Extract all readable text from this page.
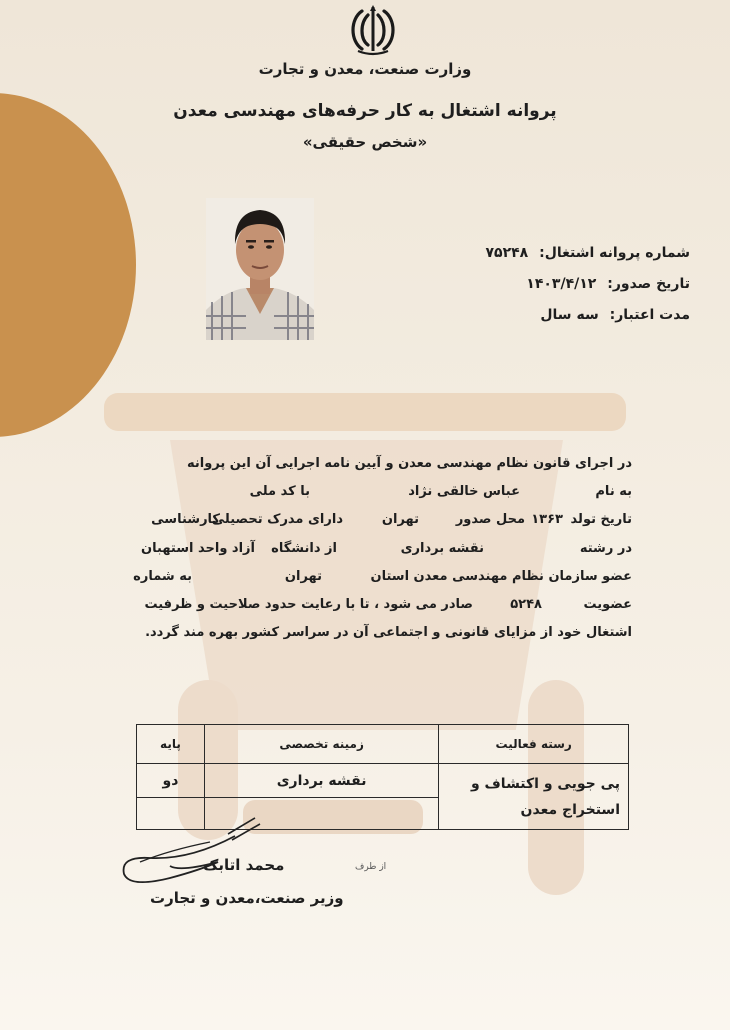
وزارت صنعت، معدن و تجارت
پروانه اشتغال به کار حرفه‌های مهندسی معدن
«شخص حقیقی»
شماره پروانه اشتغال: ۷۵۲۴۸
تاریخ صدور: ۱۴۰۳/۴/۱۲
مدت اعتبار: سه سال
در اجرای قانون نظام مهندسی معدن و آیین نامه اجرایی آن این پروانه
به نام
عباس خالقی نژاد
با کد ملی
تاریخ تولد
۱۳۶۳
محل صدور
تهران
دارای مدرک تحصیلی
کارشناسی
در رشته
نقشه برداری
از دانشگاه
آزاد واحد استهبان
عضو سازمان نظام مهندسی معدن استان
تهران
به شماره
عضویت
۵۲۴۸
صادر می شود ، تا با رعایت حدود صلاحیت و ظرفیت
اشتغال خود از مزایای قانونی و اجتماعی آن در سراسر کشور بهره مند گردد.
رسته فعالیت	زمینه تخصصی	پایه

پی جویی و اکتشاف و
استخراج معدن	نقشه برداری	دو

از طرف
محمد اتابک
وزیر صنعت،معدن و تجارت
